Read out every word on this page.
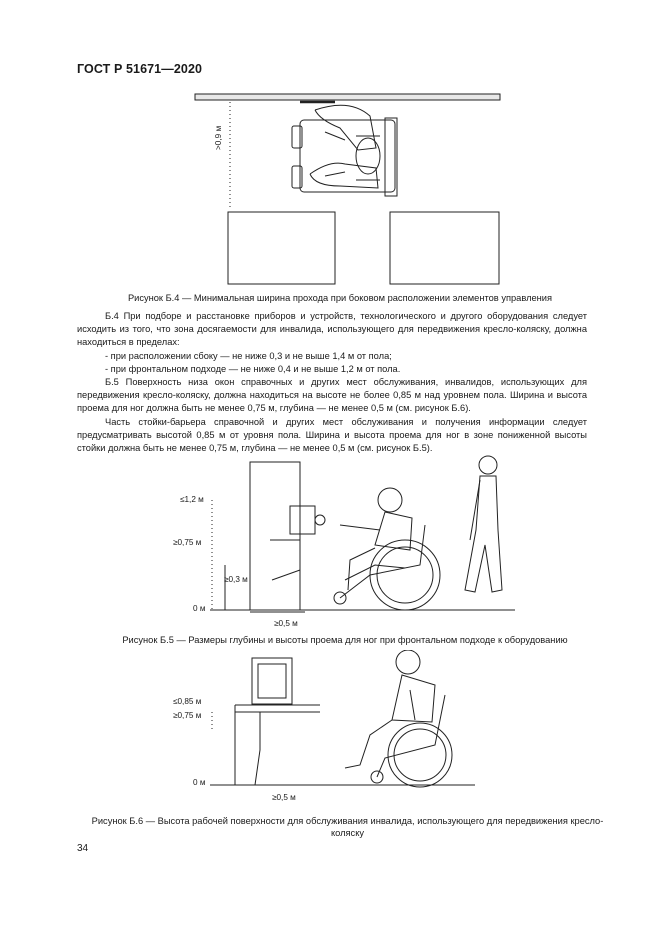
ГОСТ Р 51671—2020
>0,9 м
Рисунок Б.4 — Минимальная ширина прохода при боковом расположении элементов управления

Б.4 При подборе и расстановке приборов и устройств, технологического и другого оборудования следует исходить из того, что зона досягаемости для инвалида, использующего для передвижения кресло-коляску, должна находиться в пределах:

- при расположении сбоку — не ниже 0,3 и не выше 1,4 м от пола;

- при фронтальном подходе — не ниже 0,4 и не выше 1,2 м от пола.

Б.5 Поверхность низа окон справочных и других мест обслуживания, инвалидов, использующих для передвижения кресло-коляску, должна находиться на высоте не более 0,85 м над уровнем пола. Ширина и высота проема для ног должна быть не менее 0,75 м, глубина — не менее 0,5 м (см. рисунок Б.6).

Часть стойки-барьера справочной и других мест обслуживания и получения информации следует предусматривать высотой 0,85 м от уровня пола. Ширина и высота проема для ног в зоне пониженной высоты стойки должна быть не менее 0,75 м, глубина — не менее 0,5 м (см. рисунок Б.5).

≤1,2 м
≥0,75 м
≥0,3 м
0 м
≥0,5 м
Рисунок Б.5 — Размеры глубины и высоты проема для ног при фронтальном подходе к оборудованию
≤0,85 м
≥0,75 м
0 м
≥0,5 м
Рисунок Б.6 — Высота рабочей поверхности для обслуживания инвалида, использующего для передвижения кресло-коляску
34
